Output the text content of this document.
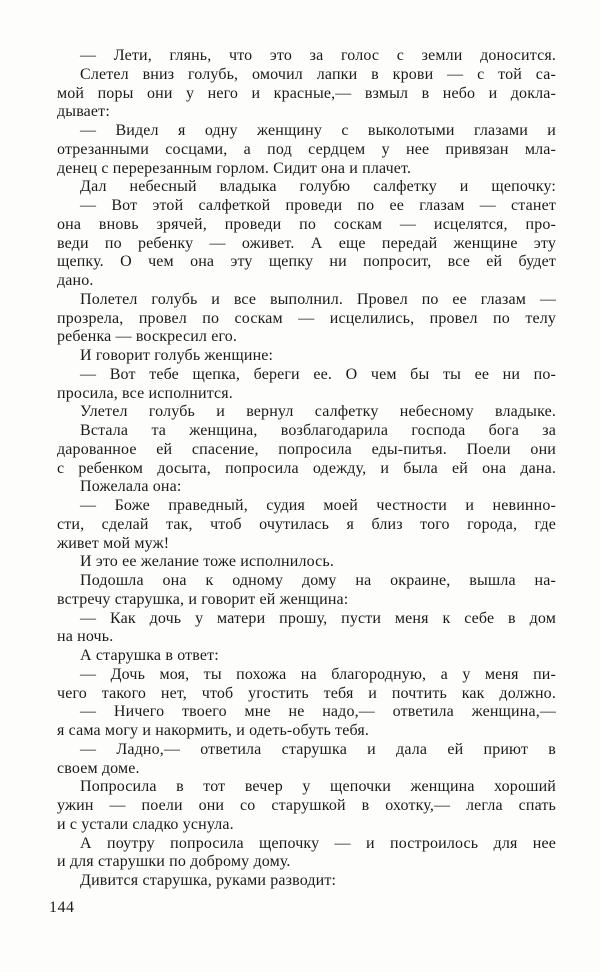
— Лети, глянь, что это за голос с земли доносится.
Слетел вниз голубь, омочил лапки в крови — с той са-
мой поры они у него и красные,— взмыл в небо и докла-
дывает:
— Видел я одну женщину с выколотыми глазами и
отрезанными сосцами, а под сердцем у нее привязан мла-
денец с перерезанным горлом. Сидит она и плачет.
Дал небесный владыка голубю салфетку и щепочку:
— Вот этой салфеткой проведи по ее глазам — станет
она вновь зрячей, проведи по соскам — исцелятся, про-
веди по ребенку — оживет. А еще передай женщине эту
щепку. О чем она эту щепку ни попросит, все ей будет
дано.
Полетел голубь и все выполнил. Провел по ее глазам —
прозрела, провел по соскам — исцелились, провел по телу
ребенка — воскресил его.
И говорит голубь женщине:
— Вот тебе щепка, береги ее. О чем бы ты ее ни по-
просила, все исполнится.
Улетел голубь и вернул салфетку небесному владыке.
Встала та женщина, возблагодарила господа бога за
дарованное ей спасение, попросила еды-питья. Поели они
с ребенком досыта, попросила одежду, и была ей она дана.
Пожелала она:
— Боже праведный, судия моей честности и невинно-
сти, сделай так, чтоб очутилась я близ того города, где
живет мой муж!
И это ее желание тоже исполнилось.
Подошла она к одному дому на окраине, вышла на-
встречу старушка, и говорит ей женщина:
— Как дочь у матери прошу, пусти меня к себе в дом
на ночь.
А старушка в ответ:
— Дочь моя, ты похожа на благородную, а у меня пи-
чего такого нет, чтоб угостить тебя и почтить как должно.
— Ничего твоего мне не надо,— ответила женщина,—
я сама могу и накормить, и одеть-обуть тебя.
— Ладно,— ответила старушка и дала ей приют в
своем доме.
Попросила в тот вечер у щепочки женщина хороший
ужин — поели они со старушкой в охотку,— легла спать
и с устали сладко уснула.
А поутру попросила щепочку — и построилось для нее
и для старушки по доброму дому.
Дивится старушка, руками разводит:
144
